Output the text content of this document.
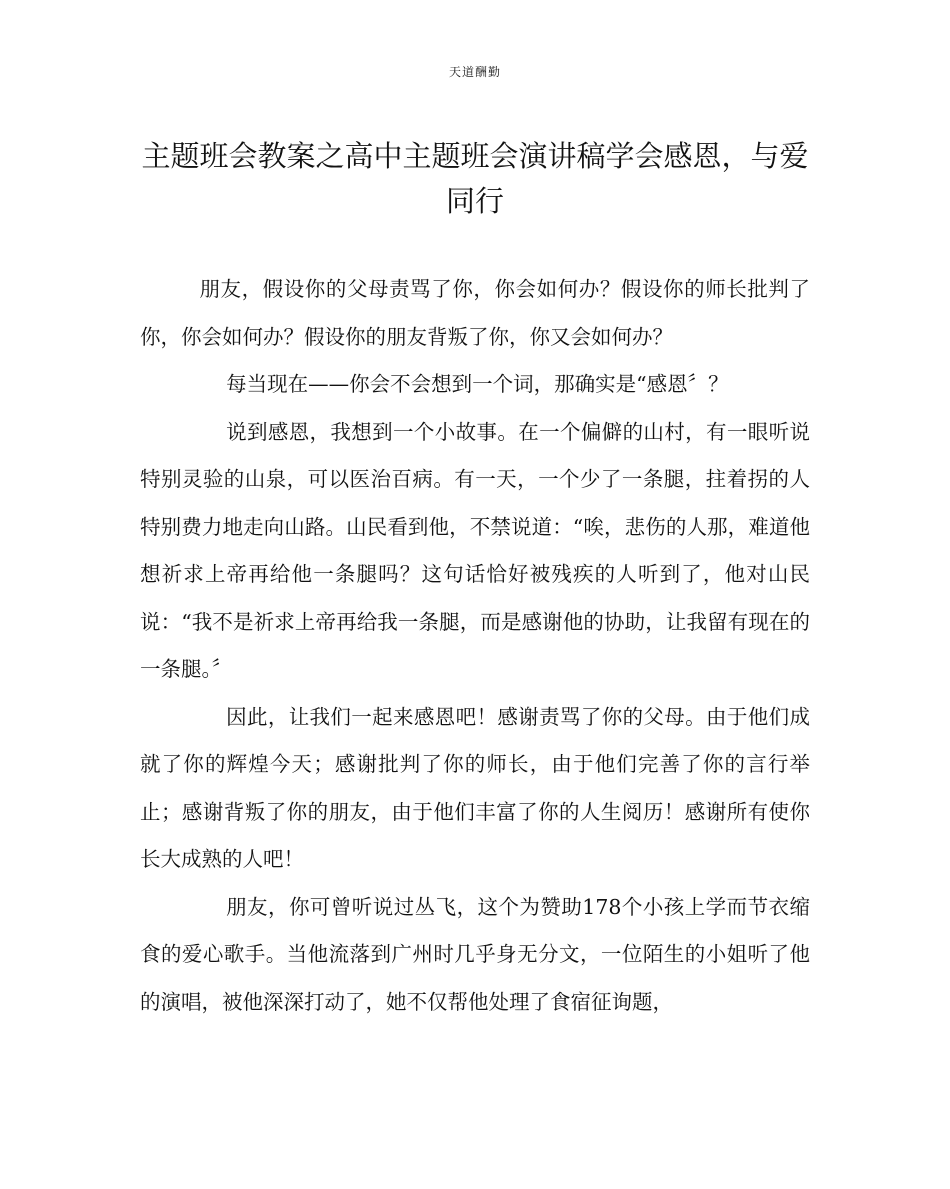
天道酬勤
主题班会教案之高中主题班会演讲稿学会感恩，与爱同行

朋友，假设你的父母责骂了你，你会如何办？假设你的师长批判了你，你会如何办？假设你的朋友背叛了你，你又会如何办？

每当现在——你会不会想到一个词，那确实是“感恩〞？

说到感恩，我想到一个小故事。在一个偏僻的山村，有一眼听说特别灵验的山泉，可以医治百病。有一天，一个少了一条腿，拄着拐的人特别费力地走向山路。山民看到他，不禁说道：“唉，悲伤的人那，难道他想祈求上帝再给他一条腿吗？这句话恰好被残疾的人听到了，他对山民说：“我不是祈求上帝再给我一条腿，而是感谢他的协助，让我留有现在的一条腿。〞

因此，让我们一起来感恩吧！感谢责骂了你的父母。由于他们成就了你的辉煌今天；感谢批判了你的师长，由于他们完善了你的言行举止；感谢背叛了你的朋友，由于他们丰富了你的人生阅历！感谢所有使你长大成熟的人吧！

朋友，你可曾听说过丛飞，这个为赞助178个小孩上学而节衣缩食的爱心歌手。当他流落到广州时几乎身无分文，一位陌生的小姐听了他的演唱，被他深深打动了，她不仅帮他处理了食宿征询题，
